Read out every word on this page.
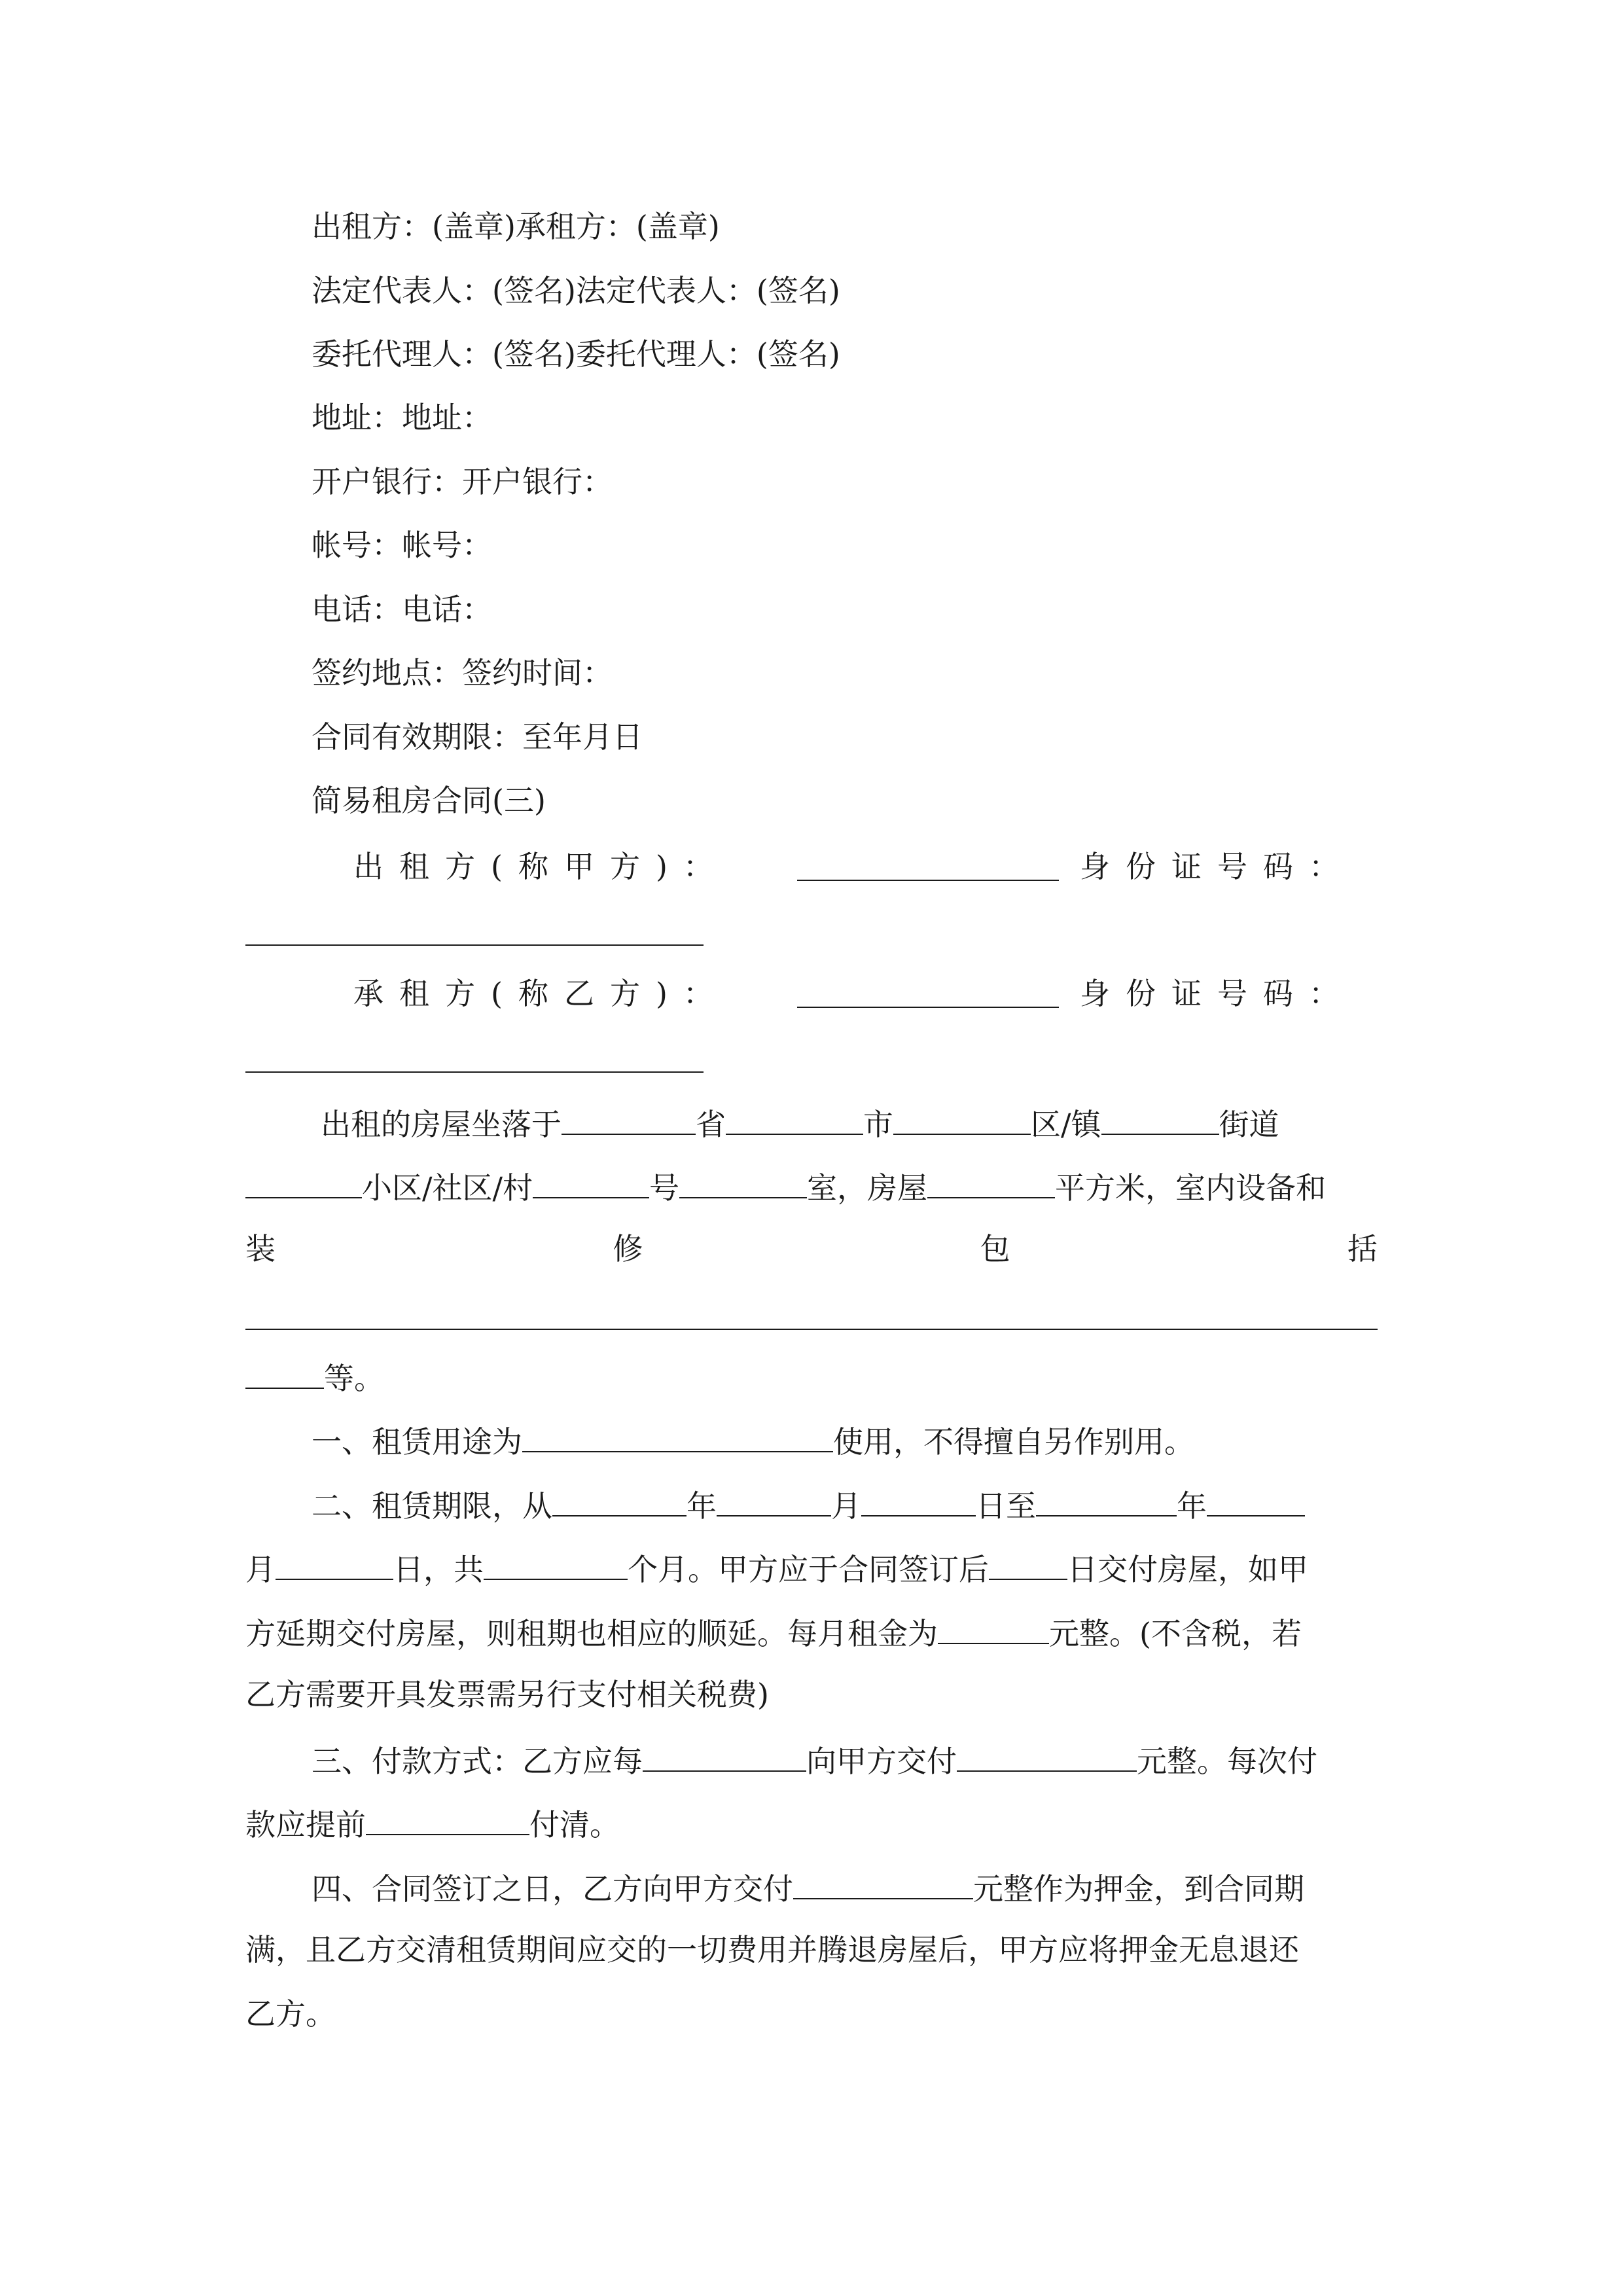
出租方：(盖章)承租方：(盖章)
法定代表人：(签名)法定代表人：(签名)
委托代理人：(签名)委托代理人：(签名)
地址：地址：
开户银行：开户银行：
帐号：帐号：
电话：电话：
签约地点：签约时间：
合同有效期限：至年月日
简易租房合同(三)
出租方(称甲方)：	身份证号码：
承租方(称乙方)：	身份证号码：
出租的房屋坐落于	省	市	区/镇	街道
小区/社区/村	号	室，房屋	平方米，室内设备和
装	修	包	括
等。
一、租赁用途为	使用，不得擅自另作别用。
二、租赁期限，从	年	月	日至	年
月	日，共	个月。甲方应于合同签订后	日交付房屋，如甲
方延期交付房屋，则租期也相应的顺延。每月租金为	元整。(不含税，若
乙方需要开具发票需另行支付相关税费)
三、付款方式：乙方应每	向甲方交付	元整。每次付
款应提前	付清。
四、合同签订之日，乙方向甲方交付	元整作为押金，到合同期
满，且乙方交清租赁期间应交的一切费用并腾退房屋后，甲方应将押金无息退还
乙方。
